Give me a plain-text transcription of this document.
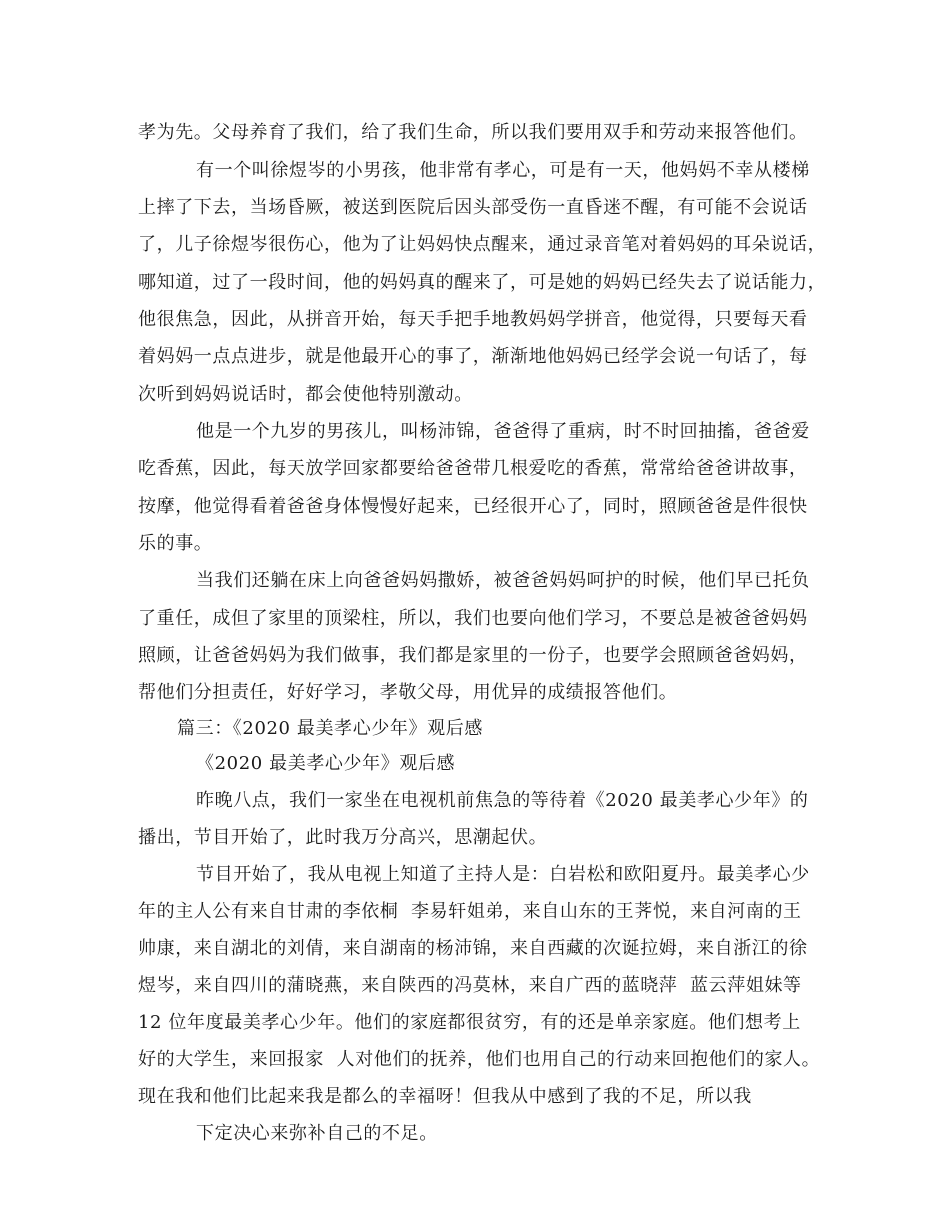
孝为先。父母养育了我们，给了我们生命，所以我们要用双手和劳动来报答他们。
有一个叫徐煜岑的小男孩，他非常有孝心，可是有一天，他妈妈不幸从楼梯
上摔了下去，当场昏厥，被送到医院后因头部受伤一直昏迷不醒，有可能不会说话
了，儿子徐煜岑很伤心，他为了让妈妈快点醒来，通过录音笔对着妈妈的耳朵说话，
哪知道，过了一段时间，他的妈妈真的醒来了，可是她的妈妈已经失去了说话能力，
他很焦急，因此，从拼音开始，每天手把手地教妈妈学拼音，他觉得，只要每天看
着妈妈一点点进步，就是他最开心的事了，渐渐地他妈妈已经学会说一句话了，每
次听到妈妈说话时，都会使他特别激动。
他是一个九岁的男孩儿，叫杨沛锦，爸爸得了重病，时不时回抽搐，爸爸爱
吃香蕉，因此，每天放学回家都要给爸爸带几根爱吃的香蕉，常常给爸爸讲故事，
按摩，他觉得看着爸爸身体慢慢好起来，已经很开心了，同时，照顾爸爸是件很快
乐的事。
当我们还躺在床上向爸爸妈妈撒娇，被爸爸妈妈呵护的时候，他们早已托负
了重任，成但了家里的顶梁柱，所以，我们也要向他们学习，不要总是被爸爸妈妈
照顾，让爸爸妈妈为我们做事，我们都是家里的一份子，也要学会照顾爸爸妈妈，
帮他们分担责任，好好学习，孝敬父母，用优异的成绩报答他们。
篇三：《2020 最美孝心少年》观后感
《2020 最美孝心少年》观后感
昨晚八点，我们一家坐在电视机前焦急的等待着《2020 最美孝心少年》的
播出，节目开始了，此时我万分高兴，思潮起伏。
节目开始了，我从电视上知道了主持人是：白岩松和欧阳夏丹。最美孝心少
年的主人公有来自甘肃的李依桐  李易轩姐弟，来自山东的王荠悦，来自河南的王
帅康，来自湖北的刘倩，来自湖南的杨沛锦，来自西藏的次诞拉姆，来自浙江的徐
煜岑，来自四川的蒲晓燕，来自陕西的冯莫林，来自广西的蓝晓萍  蓝云萍姐妹等
12 位年度最美孝心少年。他们的家庭都很贫穷，有的还是单亲家庭。他们想考上
好的大学生，来回报家  人对他们的抚养，他们也用自己的行动来回抱他们的家人。
现在我和他们比起来我是都么的幸福呀！但我从中感到了我的不足，所以我
下定决心来弥补自己的不足。
